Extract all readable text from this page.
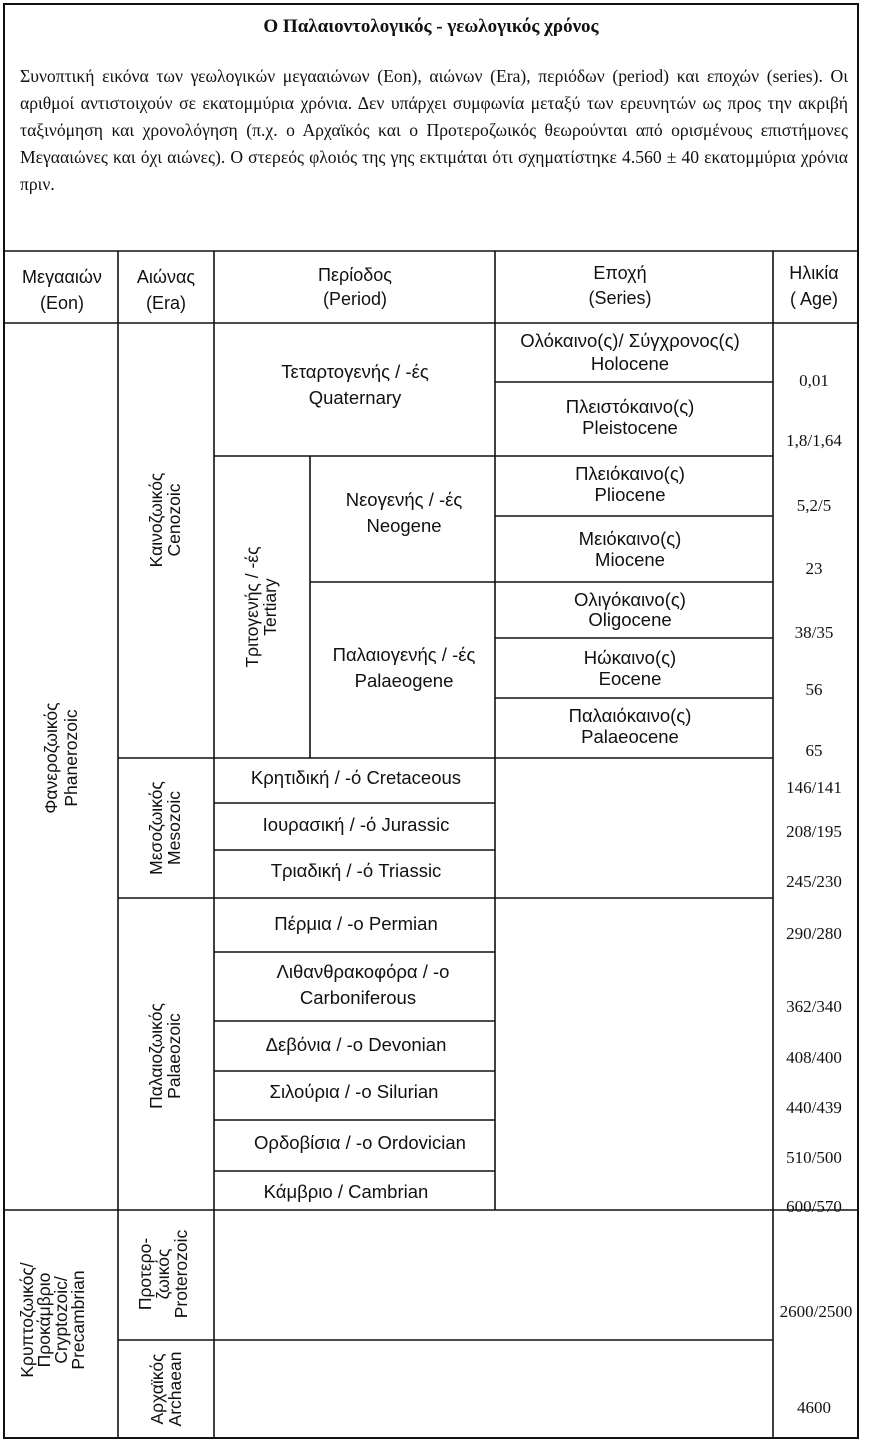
Ο Παλαιοντολογικός - γεωλογικός χρόνος

Συνοπτική εικόνα των γεωλογικών μεγααιώνων (Eon), αιώνων (Era), περιόδων (period) και εποχών (series). Οι αριθμοί αντιστοιχούν σε εκατομμύρια χρόνια. Δεν υπάρχει συμφωνία μεταξύ των ερευνητών ως προς την ακριβή ταξινόμηση και χρονολόγηση (π.χ. ο Αρχαϊκός και ο Προτεροζωικός θεωρούνται από ορισμένους επιστήμονες Μεγααιώνες και όχι αιώνες). Ο στερεός φλοιός της γης εκτιμάται ότι σχηματίστηκε 4.560 ± 40 εκατομμύρια χρόνια πριν.

Μεγααιών
(Eon)
Αιώνας
(Era)
Περίοδος
(Period)
Εποχή
(Series)
Ηλικία
( Age)
Φανεροζωικός Phanerozoic
Κρυπτοζωικός/
Προκάμβριο
Cryptozoic/
Precambrian
Καινοζωικός
Cenozoic
Μεσοζωικός
Mesozoic
Παλαιοζωικός
Palaeozoic
Προτερο-
ζωικός
Proterozoic
Αρχαϊκός
Archaean
Τριτογενής / -ές
Tertiary
Τεταρτογενής / -ές
Quaternary
Νεογενής / -ές
Neogene
Παλαιογενής / -ές
Palaeogene
Κρητιδική / -ό Cretaceous
Ιουρασική / -ό Jurassic
Τριαδική / -ό Triassic
Πέρμια / -ο Permian
Λιθανθρακοφόρα / -ο
Carboniferous
Δεβόνια / -ο Devonian
Σιλούρια / -ο Silurian
Ορδοβίσια / -ο Ordovician
Κάμβριο / Cambrian
Ολόκαινο(ς)/ Σύγχρονος(ς)
Holocene
Πλειστόκαινο(ς)
Pleistocene
Πλειόκαινο(ς)
Pliocene
Μειόκαινο(ς)
Miocene
Ολιγόκαινο(ς)
Oligocene
Ηώκαινο(ς)
Eocene
Παλαιόκαινο(ς)
Palaeocene
0,01
1,8/1,64
5,2/5
23
38/35
56
65
146/141
208/195
245/230
290/280
362/340
408/400
440/439
510/500
600/570
2600/2500
4600
